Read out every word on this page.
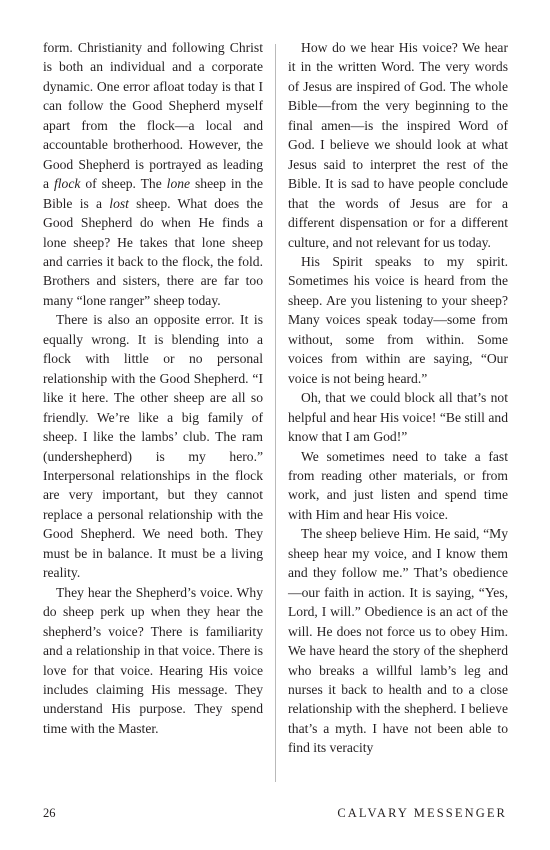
form. Christianity and following Christ is both an individual and a corporate dynamic. One error afloat today is that I can follow the Good Shepherd myself apart from the flock—a local and accountable brotherhood. However, the Good Shepherd is portrayed as leading a flock of sheep. The lone sheep in the Bible is a lost sheep. What does the Good Shepherd do when He finds a lone sheep? He takes that lone sheep and carries it back to the flock, the fold. Brothers and sisters, there are far too many “lone ranger” sheep today.

There is also an opposite error. It is equally wrong. It is blending into a flock with little or no personal relationship with the Good Shepherd. “I like it here. The other sheep are all so friendly. We’re like a big family of sheep. I like the lambs’ club. The ram (undershepherd) is my hero.” Interpersonal relationships in the flock are very important, but they cannot replace a personal relationship with the Good Shepherd. We need both. They must be in balance. It must be a living reality.

They hear the Shepherd’s voice. Why do sheep perk up when they hear the shepherd’s voice? There is familiarity and a relationship in that voice. There is love for that voice. Hearing His voice includes claiming His message. They understand His purpose. They spend time with the Master.

How do we hear His voice? We hear it in the written Word. The very words of Jesus are inspired of God. The whole Bible—from the very beginning to the final amen—is the inspired Word of God. I believe we should look at what Jesus said to interpret the rest of the Bible. It is sad to have people conclude that the words of Jesus are for a different dispensation or for a different culture, and not relevant for us today.

His Spirit speaks to my spirit. Sometimes his voice is heard from the sheep. Are you listening to your sheep? Many voices speak today—some from without, some from within. Some voices from within are saying, “Our voice is not being heard.”

Oh, that we could block all that’s not helpful and hear His voice! “Be still and know that I am God!”

We sometimes need to take a fast from reading other materials, or from work, and just listen and spend time with Him and hear His voice.

The sheep believe Him. He said, “My sheep hear my voice, and I know them and they follow me.” That’s obedience—our faith in action. It is saying, “Yes, Lord, I will.” Obedience is an act of the will. He does not force us to obey Him. We have heard the story of the shepherd who breaks a willful lamb’s leg and nurses it back to health and to a close relationship with the shepherd. I believe that’s a myth. I have not been able to find its veracity

26	CALVARY MESSENGER
